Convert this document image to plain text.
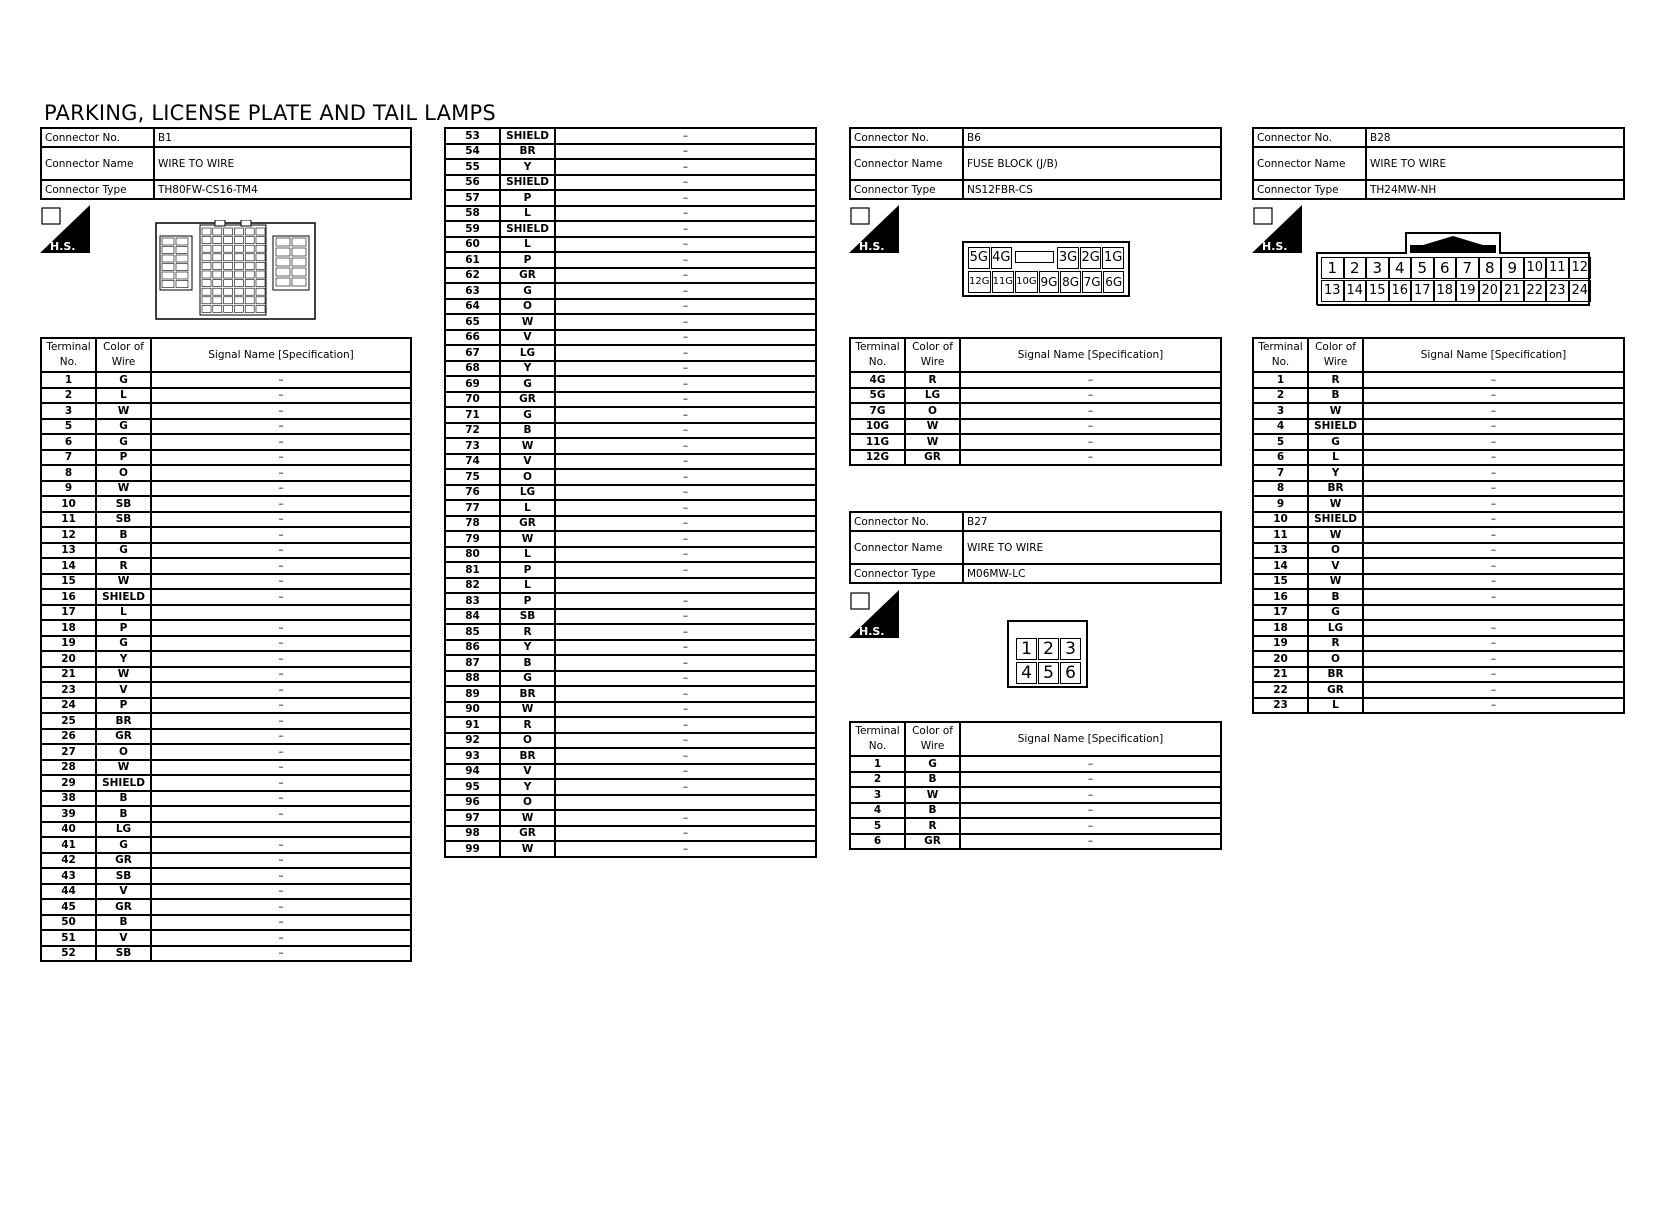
PARKING, LICENSE PLATE AND TAIL LAMPS
Connector No.	B1
Connector Name	WIRE TO WIRE
Connector Type	TH80FW-CS16-TM4
H.S.
Terminal No.	Color of Wire	Signal Name [Specification]
1	G	–
2	L	–
3	W	–
5	G	–
6	G	–
7	P	–
8	O	–
9	W	–
10	SB	–
11	SB	–
12	B	–
13	G	–
14	R	–
15	W	–
16	SHIELD	–
17	L	
18	P	–
19	G	–
20	Y	–
21	W	–
23	V	–
24	P	–
25	BR	–
26	GR	–
27	O	–
28	W	–
29	SHIELD	–
38	B	–
39	B	–
40	LG	
41	G	–
42	GR	–
43	SB	–
44	V	–
45	GR	–
50	B	–
51	V	–
52	SB	–
53	SHIELD	–
54	BR	–
55	Y	–
56	SHIELD	–
57	P	–
58	L	–
59	SHIELD	–
60	L	–
61	P	–
62	GR	–
63	G	–
64	O	–
65	W	–
66	V	–
67	LG	–
68	Y	–
69	G	–
70	GR	–
71	G	–
72	B	–
73	W	–
74	V	–
75	O	–
76	LG	–
77	L	–
78	GR	–
79	W	–
80	L	–
81	P	–
82	L	
83	P	–
84	SB	–
85	R	–
86	Y	–
87	B	–
88	G	–
89	BR	–
90	W	–
91	R	–
92	O	–
93	BR	–
94	V	–
95	Y	–
96	O	
97	W	–
98	GR	–
99	W	–
Connector No.	B6
Connector Name	FUSE BLOCK (J/B)
Connector Type	NS12FBR-CS
H.S.
5G 4G	3G 2G 1G
12G 11G 10G 9G 8G 7G 6G
Terminal No.	Color of Wire	Signal Name [Specification]
4G	R	–
5G	LG	–
7G	O	–
10G	W	–
11G	W	–
12G	GR	–
Connector No.	B27
Connector Name	WIRE TO WIRE
Connector Type	M06MW-LC
H.S.
1 2 3
4 5 6
Terminal No.	Color of Wire	Signal Name [Specification]
1	G	–
2	B	–
3	W	–
4	B	–
5	R	–
6	GR	–
Connector No.	B28
Connector Name	WIRE TO WIRE
Connector Type	TH24MW-NH
H.S.
1 2 3 4 5 6 7 8 9 10 11 12
13 14 15 16 17 18 19 20 21 22 23 24
Terminal No.	Color of Wire	Signal Name [Specification]
1	R	–
2	B	–
3	W	–
4	SHIELD	–
5	G	–
6	L	–
7	Y	–
8	BR	–
9	W	–
10	SHIELD	–
11	W	–
13	O	–
14	V	–
15	W	–
16	B	–
17	G	
18	LG	–
19	R	–
20	O	–
21	BR	–
22	GR	–
23	L	–
